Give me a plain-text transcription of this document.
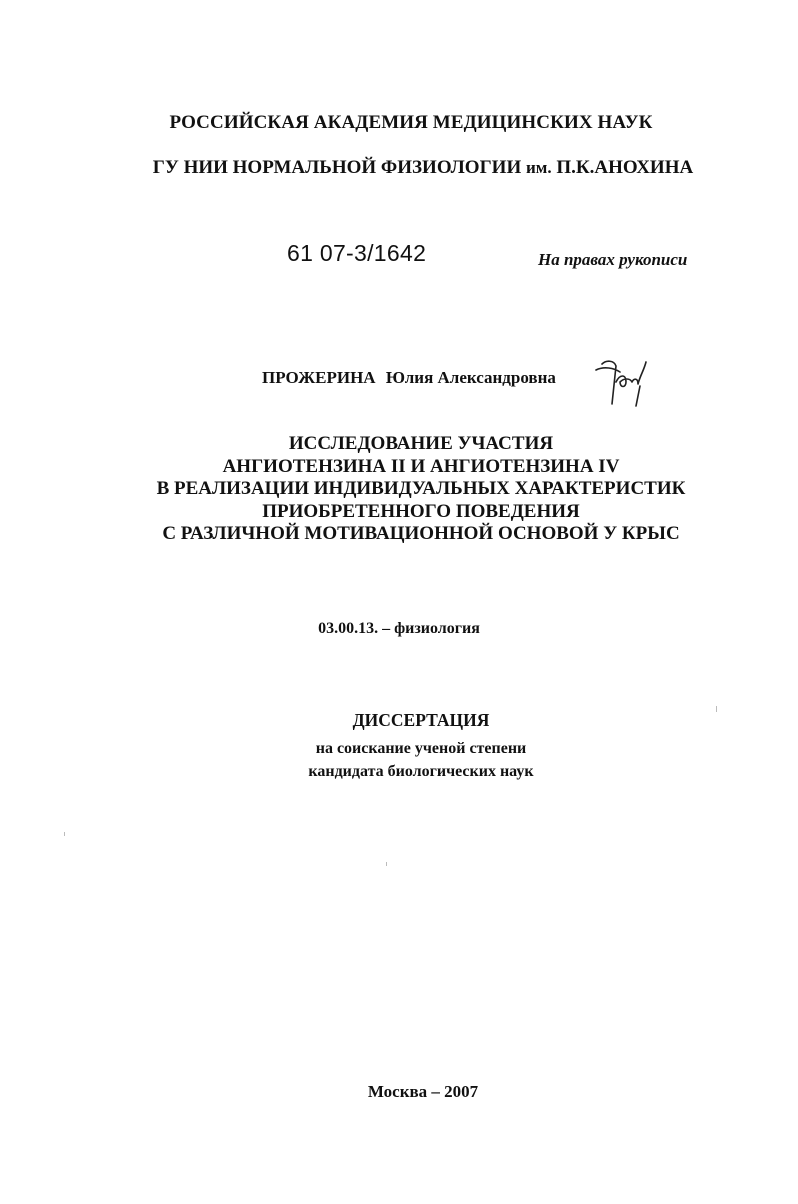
РОССИЙСКАЯ АКАДЕМИЯ МЕДИЦИНСКИХ НАУК
ГУ НИИ НОРМАЛЬНОЙ ФИЗИОЛОГИИ им. П.К.АНОХИНА
61 07-3/1642	На правах рукописи
ПРОЖЕРИНА Юлия Александровна
ИССЛЕДОВАНИЕ УЧАСТИЯ
АНГИОТЕНЗИНА II И АНГИОТЕНЗИНА IV
В РЕАЛИЗАЦИИ ИНДИВИДУАЛЬНЫХ ХАРАКТЕРИСТИК
ПРИОБРЕТЕННОГО ПОВЕДЕНИЯ
С РАЗЛИЧНОЙ МОТИВАЦИОННОЙ ОСНОВОЙ У КРЫС
03.00.13. – физиология
ДИССЕРТАЦИЯ
на соискание ученой степени
кандидата биологических наук
Москва – 2007
